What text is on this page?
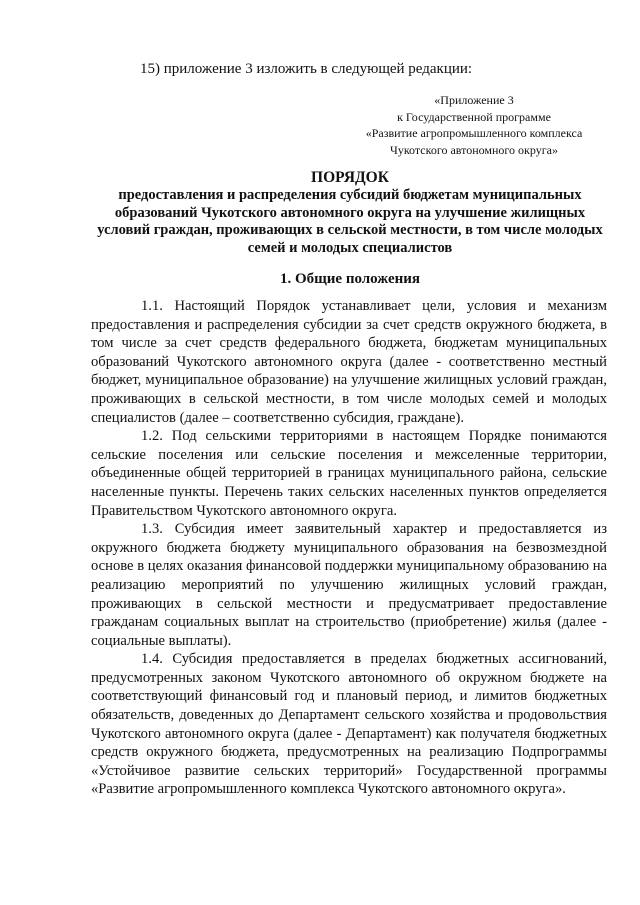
15) приложение 3 изложить в следующей редакции:
«Приложение 3
к Государственной программе
«Развитие агропромышленного комплекса
Чукотского автономного округа»
ПОРЯДОК
предоставления и распределения субсидий бюджетам муниципальных образований Чукотского автономного округа на улучшение жилищных условий граждан, проживающих в сельской местности, в том числе молодых семей и молодых специалистов
1. Общие положения

1.1. Настоящий Порядок устанавливает цели, условия и механизм предоставления и распределения субсидии за счет средств окружного бюджета, в том числе за счет средств федерального бюджета, бюджетам муниципальных образований Чукотского автономного округа (далее - соответственно местный бюджет, муниципальное образование) на улучшение жилищных условий граждан, проживающих в сельской местности, в том числе молодых семей и молодых специалистов (далее – соответственно субсидия, граждане).

1.2. Под сельскими территориями в настоящем Порядке понимаются сельские поселения или сельские поселения и межселенные территории, объединенные общей территорией в границах муниципального района, сельские населенные пункты. Перечень таких сельских населенных пунктов определяется Правительством Чукотского автономного округа.

1.3. Субсидия имеет заявительный характер и предоставляется из окружного бюджета бюджету муниципального образования на безвозмездной основе в целях оказания финансовой поддержки муниципальному образованию на реализацию мероприятий по улучшению жилищных условий граждан, проживающих в сельской местности и предусматривает предоставление гражданам социальных выплат на строительство (приобретение) жилья (далее - социальные выплаты).

1.4. Субсидия предоставляется в пределах бюджетных ассигнований, предусмотренных законом Чукотского автономного об окружном бюджете на соответствующий финансовый год и плановый период, и лимитов бюджетных обязательств, доведенных до Департамент сельского хозяйства и продовольствия Чукотского автономного округа (далее - Департамент) как получателя бюджетных средств окружного бюджета, предусмотренных на реализацию Подпрограммы «Устойчивое развитие сельских территорий» Государственной программы «Развитие агропромышленного комплекса Чукотского автономного округа».
